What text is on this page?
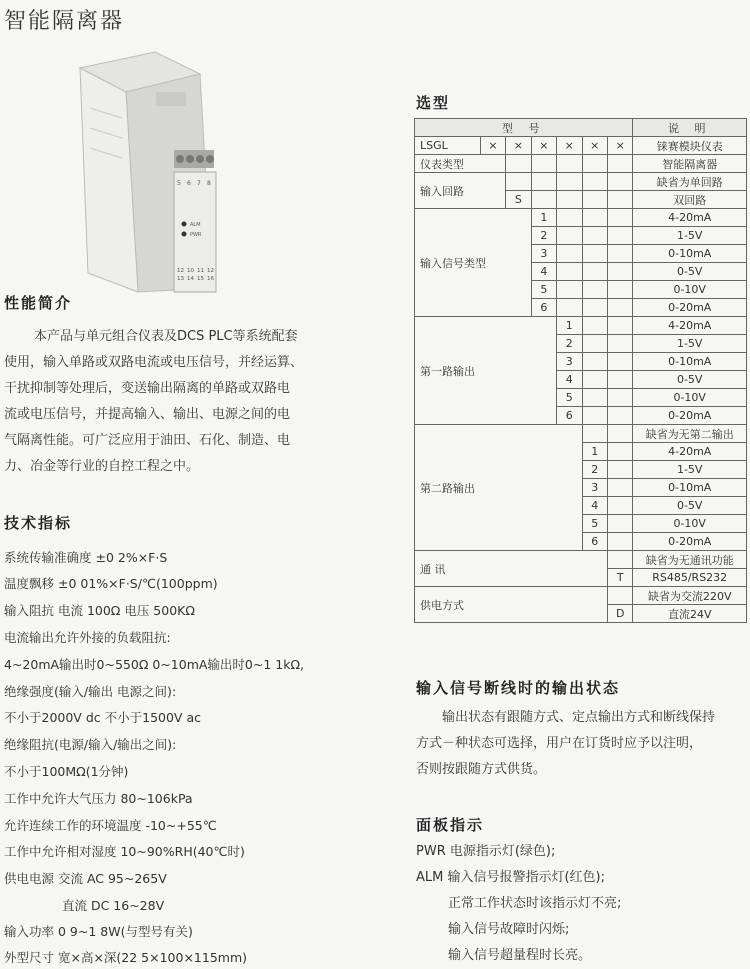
智能隔离器
5 6 7 8
ALM
PWR
12 10 11 12
13 14 15 16
性能简介
本产品与单元组合仪表及DCS PLC等系统配套
使用，输入单路或双路电流或电压信号，并经运算、
干扰抑制等处理后，变送输出隔离的单路或双路电
流或电压信号，并提高输入、输出、电源之间的电
气隔离性能。可广泛应用于油田、石化、制造、电
力、冶金等行业的自控工程之中。
技术指标
系统传输准确度 ±0 2%×F·S
温度飘移 ±0 01%×F·S/℃(100ppm)
输入阻抗 电流 100Ω 电压 500KΩ
电流输出允许外接的负载阻抗:
4~20mA输出时0~550Ω 0~10mA输出时0~1 1kΩ,
绝缘强度(输入/输出 电源之间):
不小于2000V dc 不小于1500V ac
绝缘阻抗(电源/输入/输出之间):
不小于100MΩ(1分钟)
工作中允许大气压力 80~106kPa
允许连续工作的环境温度 -10~+55℃
工作中允许相对湿度 10~90%RH(40℃时)
供电电源 交流 AC 95~265V
直流 DC 16~28V
输入功率 0 9~1 8W(与型号有关)
外型尺寸 宽×高×深(22 5×100×115mm)
选型
型 号							说 明
LSGL	×	×	×	×	×	×	铼赛模块仪表
仪表类型							智能隔离器
输入回路							缺省为单回路
		S					双回路
输入信号类型			1				4-20mA
			2				1-5V
			3				0-10mA
			4				0-5V
			5				0-10V
			6				0-20mA
第一路输出				1			4-20mA
				2			1-5V
				3			0-10mA
				4			0-5V
				5			0-10V
				6			0-20mA
第二路输出							缺省为无第二输出
					1		4-20mA
					2		1-5V
					3		0-10mA
					4		0-5V
					5		0-10V
					6		0-20mA
通 讯							缺省为无通讯功能
						T	RS485/RS232
供电方式							缺省为交流220V
						D	直流24V
输入信号断线时的输出状态
输出状态有跟随方式、定点输出方式和断线保持
方式－种状态可选择，用户在订货时应予以注明，
否则按跟随方式供货。
面板指示
PWR 电源指示灯(绿色);
ALM 输入信号报警指示灯(红色);
正常工作状态时该指示灯不亮;
输入信号故障时闪烁;
输入信号超量程时长亮。
